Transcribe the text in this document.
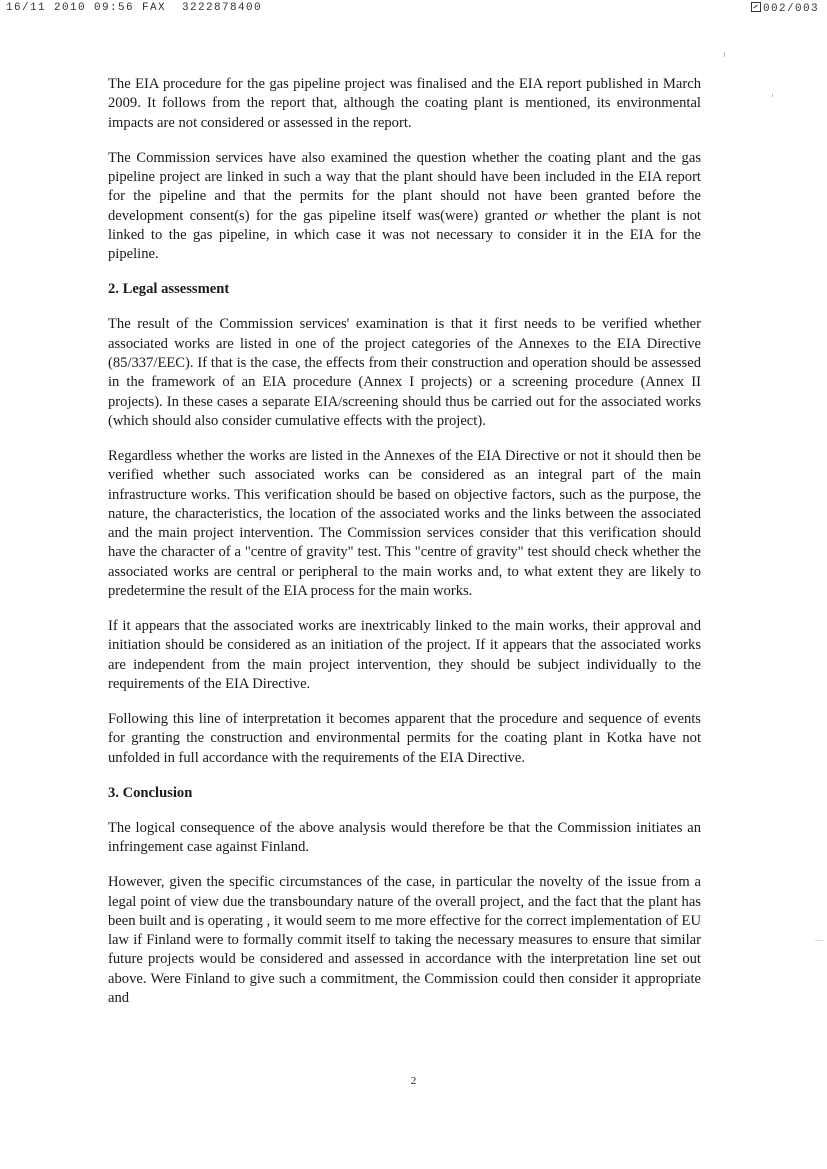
16/11 2010 09:56 FAX  3222878400	002/003

The EIA procedure for the gas pipeline project was finalised and the EIA report published in March 2009. It follows from the report that, although the coating plant is mentioned, its environmental impacts are not considered or assessed in the report.

The Commission services have also examined the question whether the coating plant and the gas pipeline project are linked in such a way that the plant should have been included in the EIA report for the pipeline and that the permits for the plant should not have been granted before the development consent(s) for the gas pipeline itself was(were) granted or whether the plant is not linked to the gas pipeline, in which case it was not necessary to consider it in the EIA for the pipeline.

2. Legal assessment

The result of the Commission services' examination is that it first needs to be verified whether associated works are listed in one of the project categories of the Annexes to the EIA Directive (85/337/EEC). If that is the case, the effects from their construction and operation should be assessed in the framework of an EIA procedure (Annex I projects) or a screening procedure (Annex II projects). In these cases a separate EIA/screening should thus be carried out for the associated works (which should also consider cumulative effects with the project).

Regardless whether the works are listed in the Annexes of the EIA Directive or not it should then be verified whether such associated works can be considered as an integral part of the main infrastructure works. This verification should be based on objective factors, such as the purpose, the nature, the characteristics, the location of the associated works and the links between the associated and the main project intervention. The Commission services consider that this verification should have the character of a "centre of gravity" test. This "centre of gravity" test should check whether the associated works are central or peripheral to the main works and, to what extent they are likely to predetermine the result of the EIA process for the main works.

If it appears that the associated works are inextricably linked to the main works, their approval and initiation should be considered as an initiation of the project. If it appears that the associated works are independent from the main project intervention, they should be subject individually to the requirements of the EIA Directive.

Following this line of interpretation it becomes apparent that the procedure and sequence of events for granting the construction and environmental permits for the coating plant in Kotka have not unfolded in full accordance with the requirements of the EIA Directive.

3. Conclusion

The logical consequence of the above analysis would therefore be that the Commission initiates an infringement case against Finland.

However, given the specific circumstances of the case, in particular the novelty of the issue from a legal point of view due the transboundary nature of the overall project, and the fact that the plant has been built and is operating , it would seem to me more effective for the correct implementation of EU law if Finland were to formally commit itself to taking the necessary measures to ensure that similar future projects would be considered and assessed in accordance with the interpretation line set out above. Were Finland to give such a commitment, the Commission could then consider it appropriate and

2
